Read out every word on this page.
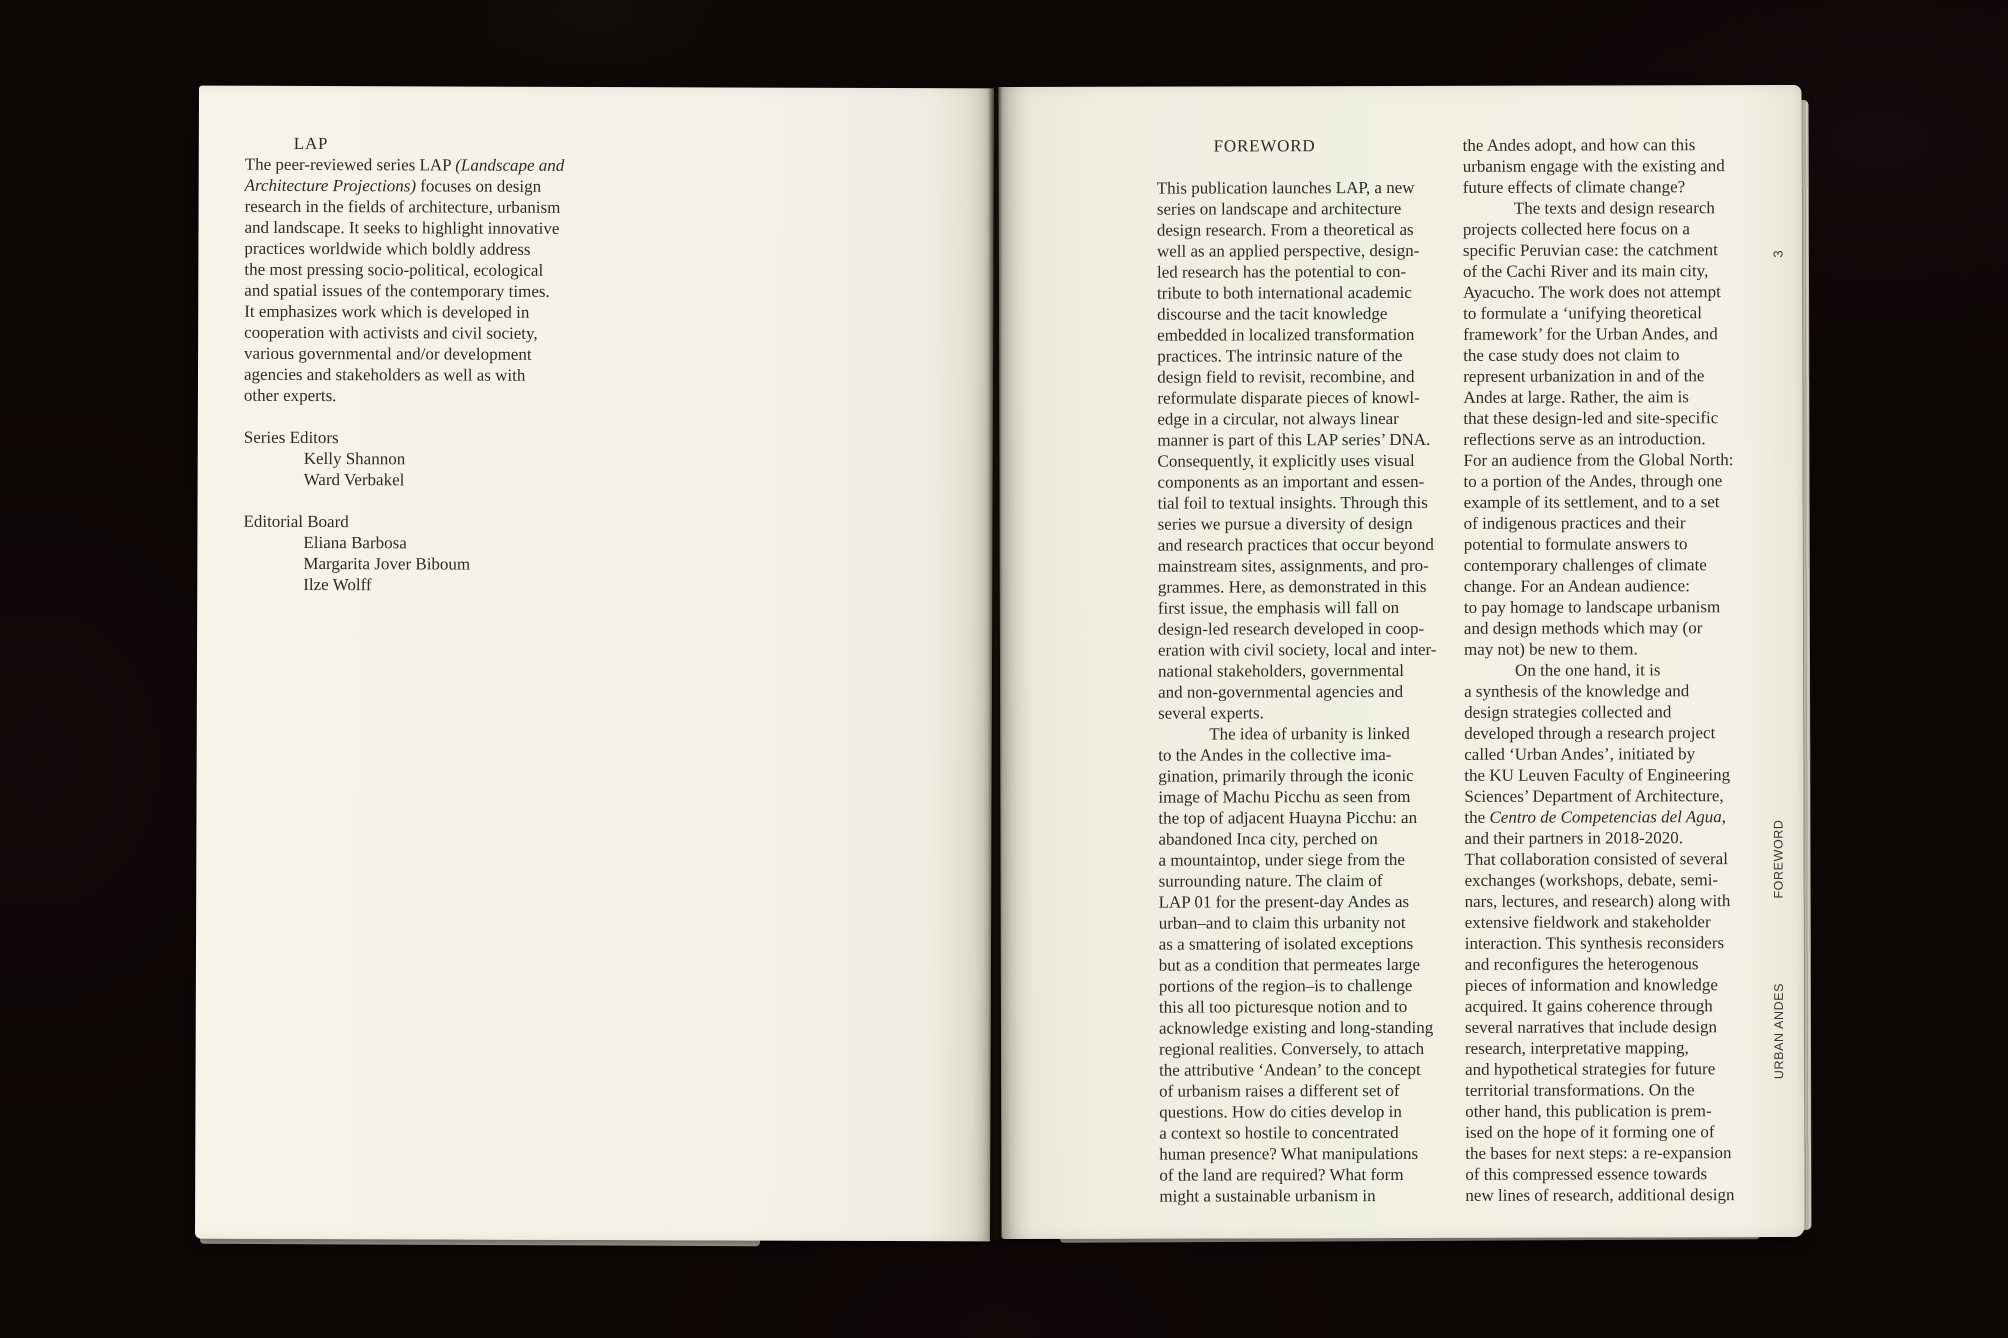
LAP
The peer-reviewed series LAP (Landscape and
Architecture Projections) focuses on design
research in the fields of architecture, urbanism
and landscape. It seeks to highlight innovative
practices worldwide which boldly address
the most pressing socio-political, ecological
and spatial issues of the contemporary times.
It emphasizes work which is developed in
cooperation with activists and civil society,
various governmental and/or development
agencies and stakeholders as well as with
other experts.
Series Editors
Kelly Shannon
Ward Verbakel
Editorial Board
Eliana Barbosa
Margarita Jover Biboum
Ilze Wolff
FOREWORD
This publication launches LAP, a new
series on landscape and architecture
design research. From a theoretical as
well as an applied perspective, design-
led research has the potential to con-
tribute to both international academic
discourse and the tacit knowledge
embedded in localized transformation
practices. The intrinsic nature of the
design field to revisit, recombine, and
reformulate disparate pieces of knowl-
edge in a circular, not always linear
manner is part of this LAP series’ DNA.
Consequently, it explicitly uses visual
components as an important and essen-
tial foil to textual insights. Through this
series we pursue a diversity of design
and research practices that occur beyond
mainstream sites, assignments, and pro-
grammes. Here, as demonstrated in this
first issue, the emphasis will fall on
design-led research developed in coop-
eration with civil society, local and inter-
national stakeholders, governmental
and non-governmental agencies and
several experts.
   The idea of urbanity is linked
to the Andes in the collective ima-
gination, primarily through the iconic
image of Machu Picchu as seen from
the top of adjacent Huayna Picchu: an
abandoned Inca city, perched on
a mountaintop, under siege from the
surrounding nature. The claim of
LAP 01 for the present-day Andes as
urban–and to claim this urbanity not
as a smattering of isolated exceptions
but as a condition that permeates large
portions of the region–is to challenge
this all too picturesque notion and to
acknowledge existing and long-standing
regional realities. Conversely, to attach
the attributive ‘Andean’ to the concept
of urbanism raises a different set of
questions. How do cities develop in
a context so hostile to concentrated
human presence? What manipulations
of the land are required? What form
might a sustainable urbanism in
the Andes adopt, and how can this
urbanism engage with the existing and
future effects of climate change?
   The texts and design research
projects collected here focus on a
specific Peruvian case: the catchment
of the Cachi River and its main city,
Ayacucho. The work does not attempt
to formulate a ‘unifying theoretical
framework’ for the Urban Andes, and
the case study does not claim to
represent urbanization in and of the
Andes at large. Rather, the aim is
that these design-led and site-specific
reflections serve as an introduction.
For an audience from the Global North:
to a portion of the Andes, through one
example of its settlement, and to a set
of indigenous practices and their
potential to formulate answers to
contemporary challenges of climate
change. For an Andean audience:
to pay homage to landscape urbanism
and design methods which may (or
may not) be new to them.
   On the one hand, it is
a synthesis of the knowledge and
design strategies collected and
developed through a research project
called ‘Urban Andes’, initiated by
the KU Leuven Faculty of Engineering
Sciences’ Department of Architecture,
the Centro de Competencias del Agua,
and their partners in 2018-2020.
That collaboration consisted of several
exchanges (workshops, debate, semi-
nars, lectures, and research) along with
extensive fieldwork and stakeholder
interaction. This synthesis reconsiders
and reconfigures the heterogenous
pieces of information and knowledge
acquired. It gains coherence through
several narratives that include design
research, interpretative mapping,
and hypothetical strategies for future
territorial transformations. On the
other hand, this publication is prem-
ised on the hope of it forming one of
the bases for next steps: a re-expansion
of this compressed essence towards
new lines of research, additional design
3
FOREWORD
URBAN ANDES
